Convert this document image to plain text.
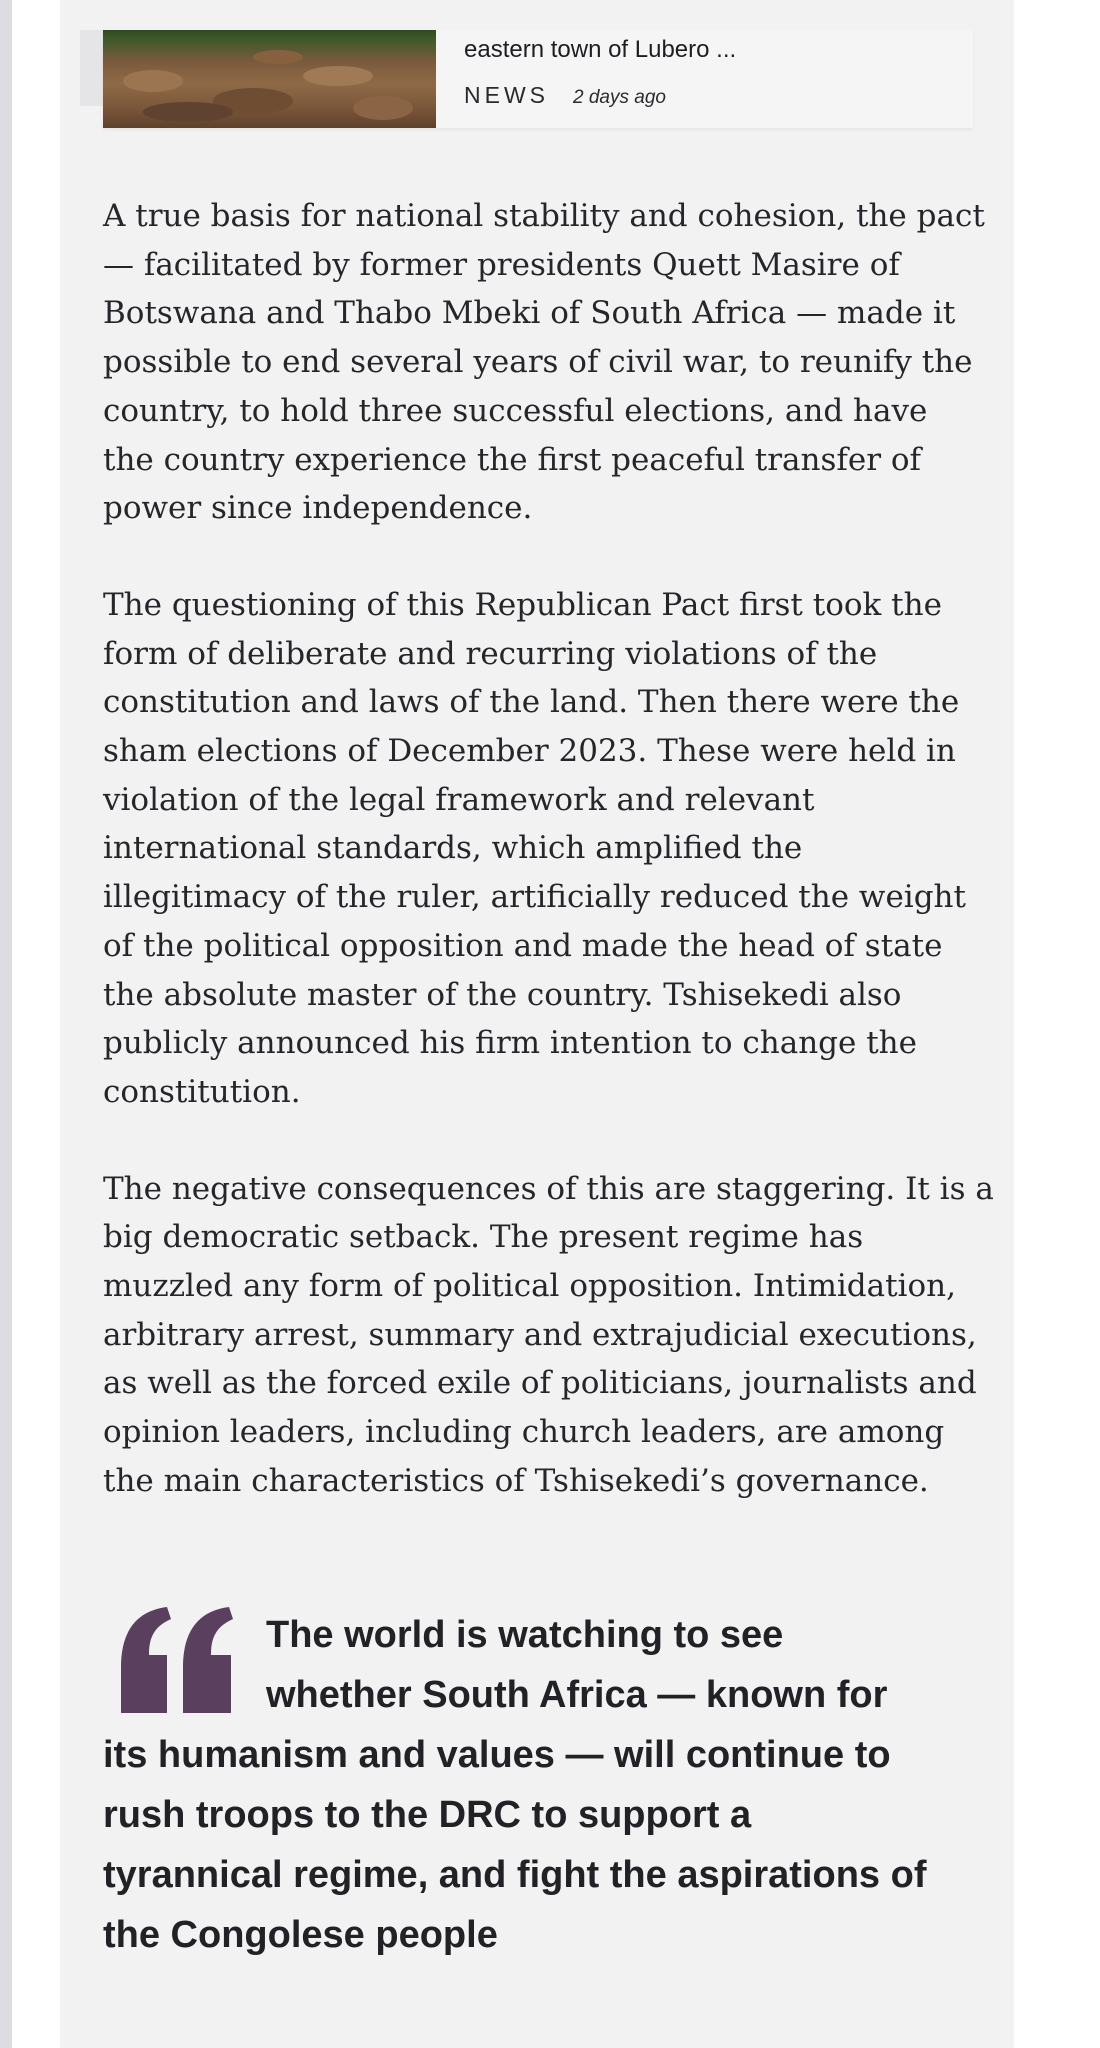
eastern town of Lubero ...
NEWS 2 days ago

A true basis for national stability and cohesion, the pact
— facilitated by former presidents Quett Masire of
Botswana and Thabo Mbeki of South Africa — made it
possible to end several years of civil war, to reunify the
country, to hold three successful elections, and have
the country experience the first peaceful transfer of
power since independence.

The questioning of this Republican Pact first took the
form of deliberate and recurring violations of the
constitution and laws of the land. Then there were the
sham elections of December 2023. These were held in
violation of the legal framework and relevant
international standards, which amplified the
illegitimacy of the ruler, artificially reduced the weight
of the political opposition and made the head of state
the absolute master of the country. Tshisekedi also
publicly announced his firm intention to change the
constitution.

The negative consequences of this are staggering. It is a
big democratic setback. The present regime has
muzzled any form of political opposition. Intimidation,
arbitrary arrest, summary and extrajudicial executions,
as well as the forced exile of politicians, journalists and
opinion leaders, including church leaders, are among
the main characteristics of Tshisekedi’s governance.

The world is watching to see
whether South Africa — known for
its humanism and values — will continue to
rush troops to the DRC to support a
tyrannical regime, and fight the aspirations of
the Congolese people
